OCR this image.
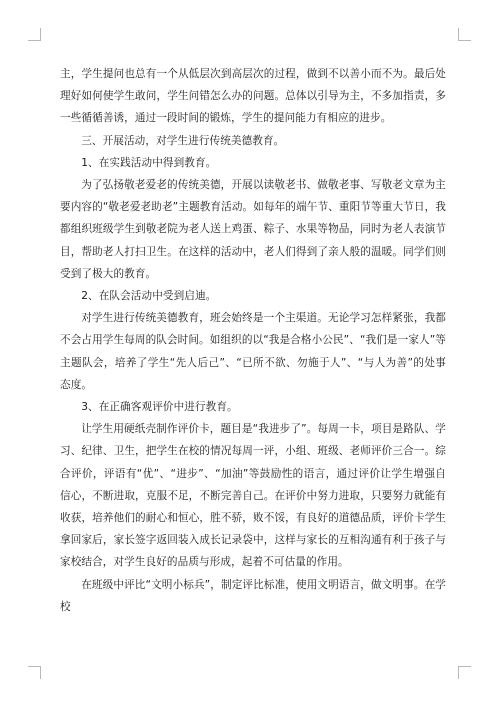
主，学生提问也总有一个从低层次到高层次的过程，做到不以善小而不为。最后处理好如何使学生敢问，学生问错怎么办的问题。总体以引导为主，不多加指责，多一些循循善诱，通过一段时间的锻炼，学生的提问能力有相应的进步。

三、开展活动，对学生进行传统美德教育。

1、在实践活动中得到教育。

为了弘扬敬老爱老的传统美德，开展以读敬老书、做敬老事、写敬老文章为主要内容的“敬老爱老助老”主题教育活动。如每年的端午节、重阳节等重大节日，我都组织班级学生到敬老院为老人送上鸡蛋、粽子、水果等物品，同时为老人表演节目，帮助老人打扫卫生。在这样的活动中，老人们得到了亲人般的温暖。同学们则受到了极大的教育。

2、在队会活动中受到启迪。

对学生进行传统美德教育，班会始终是一个主渠道。无论学习怎样紧张，我都不会占用学生每周的队会时间。如组织的以“我是合格小公民”、“我们是一家人”等主题队会，培养了学生“先人后己”、“已所不欲、勿施于人”、“与人为善”的处事态度。

3、在正确客观评价中进行教育。

让学生用硬纸壳制作评价卡，题目是“我进步了”。每周一卡，项目是路队、学习、纪律、卫生，把学生在校的情况每周一评，小组、班级、老师评价三合一。综合评价，评语有“优”、“进步”、“加油”等鼓励性的语言，通过评价让学生增强自信心，不断进取，克服不足，不断完善自己。在评价中努力进取，只要努力就能有收获，培养他们的耐心和恒心，胜不骄，败不馁，有良好的道德品质，评价卡学生拿回家后，家长签字返回装入成长记录袋中，这样与家长的互相沟通有利于孩子与家校结合，对学生良好的品质与形成，起着不可估量的作用。

在班级中评比“文明小标兵”，制定评比标准，使用文明语言，做文明事。在学校
